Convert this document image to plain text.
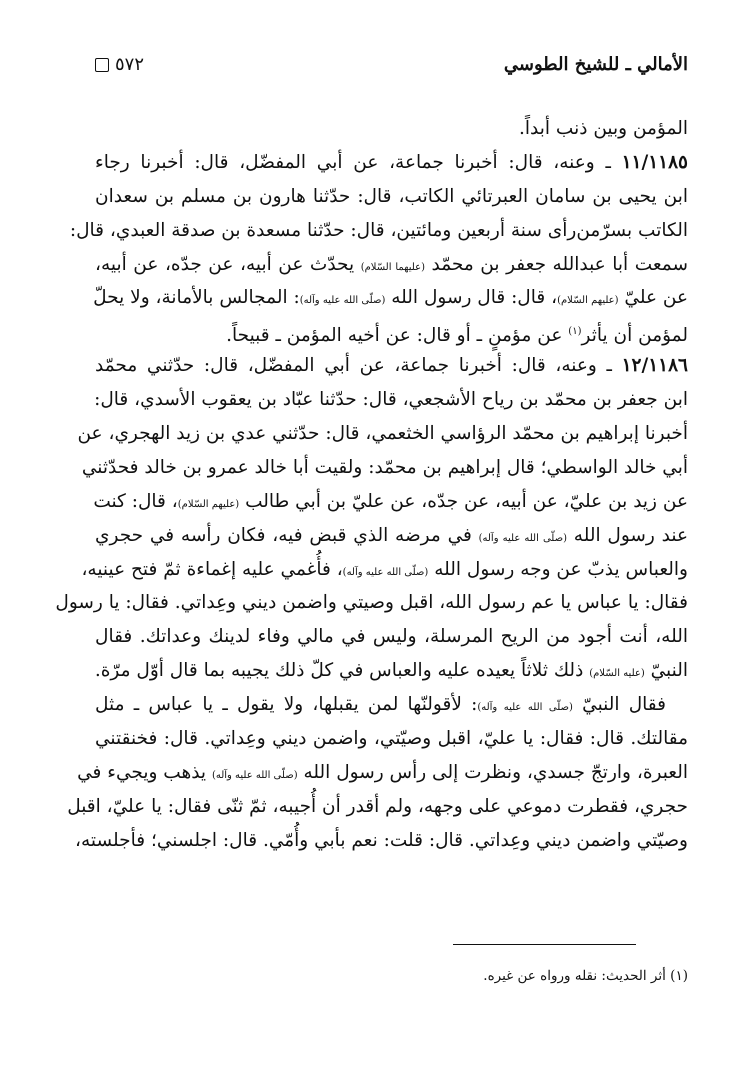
الأمالي ـ للشيخ الطوسي
٥٧٢
المؤمن وبين ذنب أبداً.
١١/١١٨٥ ـ وعنه، قال: أخبرنا جماعة، عن أبي المفضّل، قال: أخبرنا رجاء
ابن يحيى بن سامان العبرتائي الكاتب، قال: حدّثنا هارون بن مسلم بن سعدان
الكاتب بسرّمن‌رأى سنة أربعين ومائتين، قال: حدّثنا مسعدة بن صدقة العبدي، قال:
سمعت أبا عبدالله جعفر بن محمّد (عليهما السّلام) يحدّث عن أبيه، عن جدّه، عن أبيه،
عن عليّ (عليهم السّلام)، قال: قال رسول الله (صلّى الله عليه وآله): المجالس بالأمانة، ولا يحلّ
لمؤمن أن يأثر$^{(١)}$ عن مؤمنٍ ـ أو قال: عن أخيه المؤمن ـ قبيحاً.
١٢/١١٨٦ ـ وعنه، قال: أخبرنا جماعة، عن أبي المفضّل، قال: حدّثني محمّد
ابن جعفر بن محمّد بن رياح الأشجعي، قال: حدّثنا عبّاد بن يعقوب الأسدي، قال:
أخبرنا إبراهيم بن محمّد الرؤاسي الخثعمي، قال: حدّثني عدي بن زيد الهجري، عن
أبي خالد الواسطي؛ قال إبراهيم بن محمّد: ولقيت أبا خالد عمرو بن خالد فحدّثني
عن زيد بن عليّ، عن أبيه، عن جدّه، عن عليّ بن أبي طالب (عليهم السّلام)، قال: كنت
عند رسول الله (صلّى الله عليه وآله) في مرضه الذي قبض فيه، فكان رأسه في حجري
والعباس يذبّ عن وجه رسول الله (صلّى الله عليه وآله)، فأُغمي عليه إغماءة ثمّ فتح عينيه،
فقال: يا عباس يا عم رسول الله، اقبل وصيتي واضمن ديني وعِداتي. فقال: يا رسول
الله، أنت أجود من الريح المرسلة، وليس في مالي وفاء لدينك وعداتك. فقال
النبيّ (عليه السّلام) ذلك ثلاثاً يعيده عليه والعباس في كلّ ذلك يجيبه بما قال أوّل مرّة.
فقال النبيّ (صلّى الله عليه وآله): لأقولنّها لمن يقبلها، ولا يقول ـ يا عباس ـ مثل
مقالتك. قال: فقال: يا عليّ، اقبل وصيّتي، واضمن ديني وعِداتي. قال: فخنقتني
العبرة، وارتجّ جسدي، ونظرت إلى رأس رسول الله (صلّى الله عليه وآله) يذهب ويجيء في
حجري، فقطرت دموعي على وجهه، ولم أقدر أن أُجيبه، ثمّ ثنّى فقال: يا عليّ، اقبل
وصيّتي واضمن ديني وعِداتي. قال: قلت: نعم بأبي وأُمّي. قال: اجلسني؛ فأجلسته،
(١) أثر الحديث: نقله ورواه عن غيره.
